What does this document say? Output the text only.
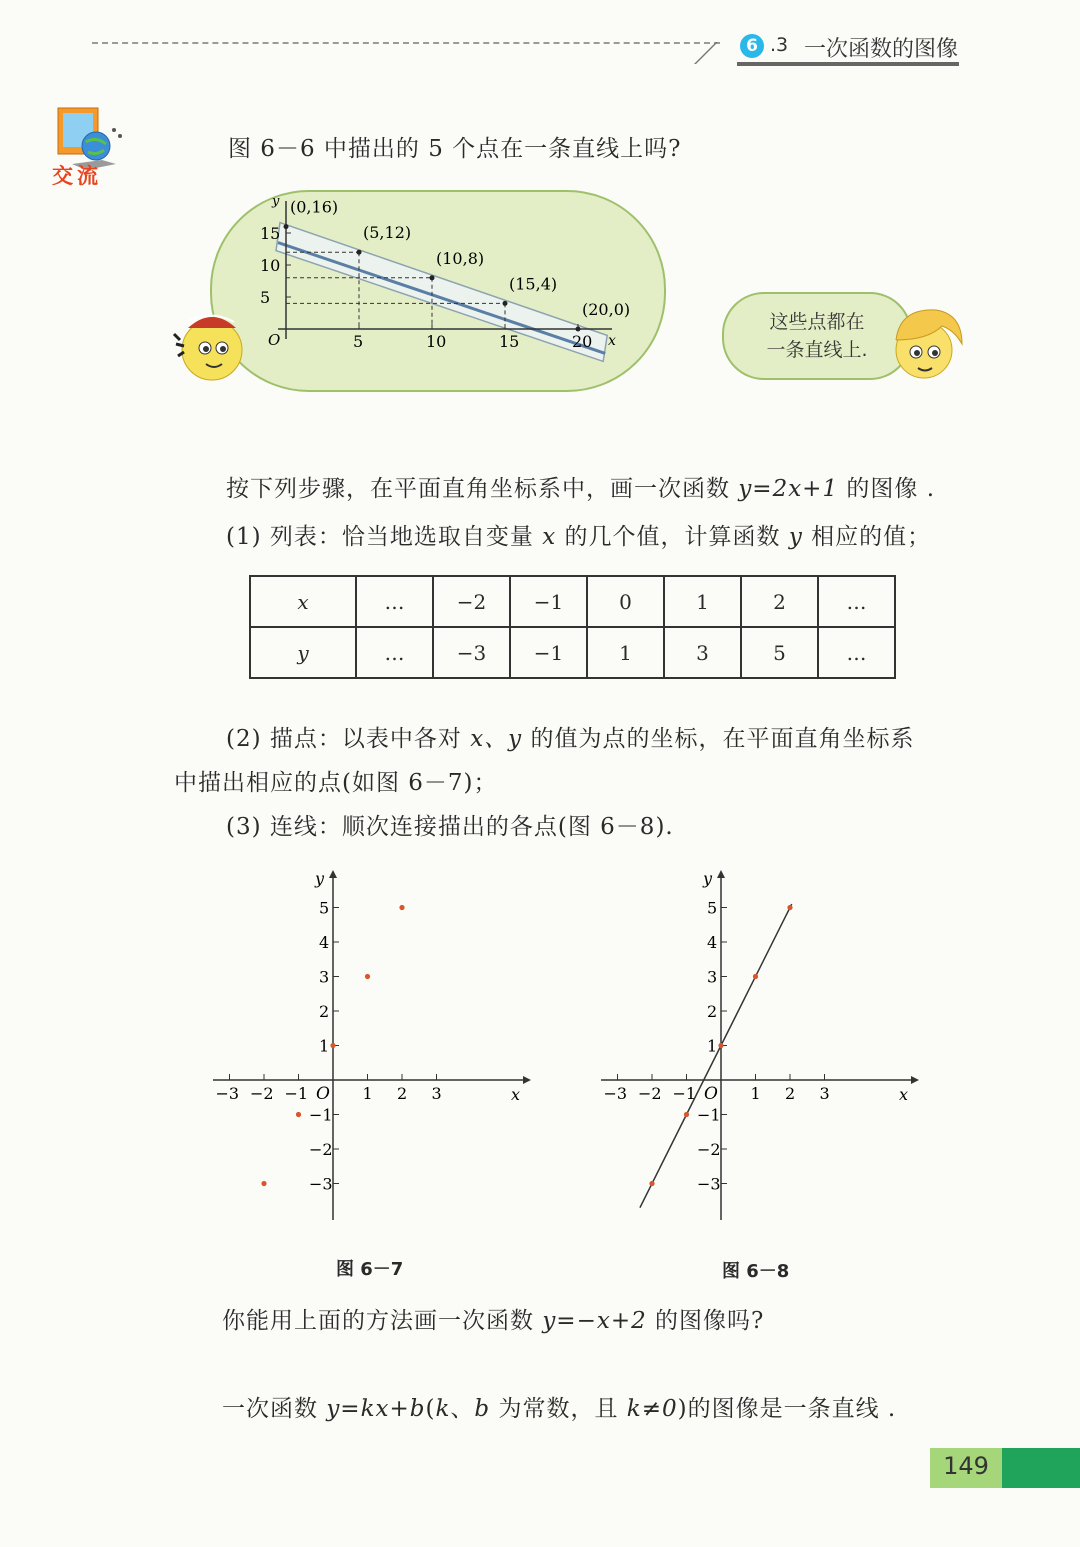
6 .3 一次函数的图像
交流
图 6－6 中描出的 5 个点在一条直线上吗?
x
y
O
15
10
5
5	10	15	20
(0,16)
(5,12)
(10,8)
(15,4)
(20,0)
这些点都在
一条直线上.
按下列步骤，在平面直角坐标系中，画一次函数 y=2x+1 的图像 .
(1) 列表：恰当地选取自变量 x 的几个值，计算函数 y 相应的值；
x	…	−2	−1	0	1	2	…
y	…	−3	−1	1	3	5	…
(2) 描点：以表中各对 x、y 的值为点的坐标，在平面直角坐标系
中描出相应的点(如图 6－7)；
(3) 连线：顺次连接描出的各点(图 6－8).
x
y
O
−3 −2 −1	1 2 3
5
4
3
2
1
−1
−2
−3
图 6－7
x
y
O
−3 −2 −1	1 2 3
5
4
3
2
1
−1
−2
−3
图 6－8
你能用上面的方法画一次函数 y=−x+2 的图像吗?
一次函数 y=kx+b(k、b 为常数，且 k≠0)的图像是一条直线 .
149
